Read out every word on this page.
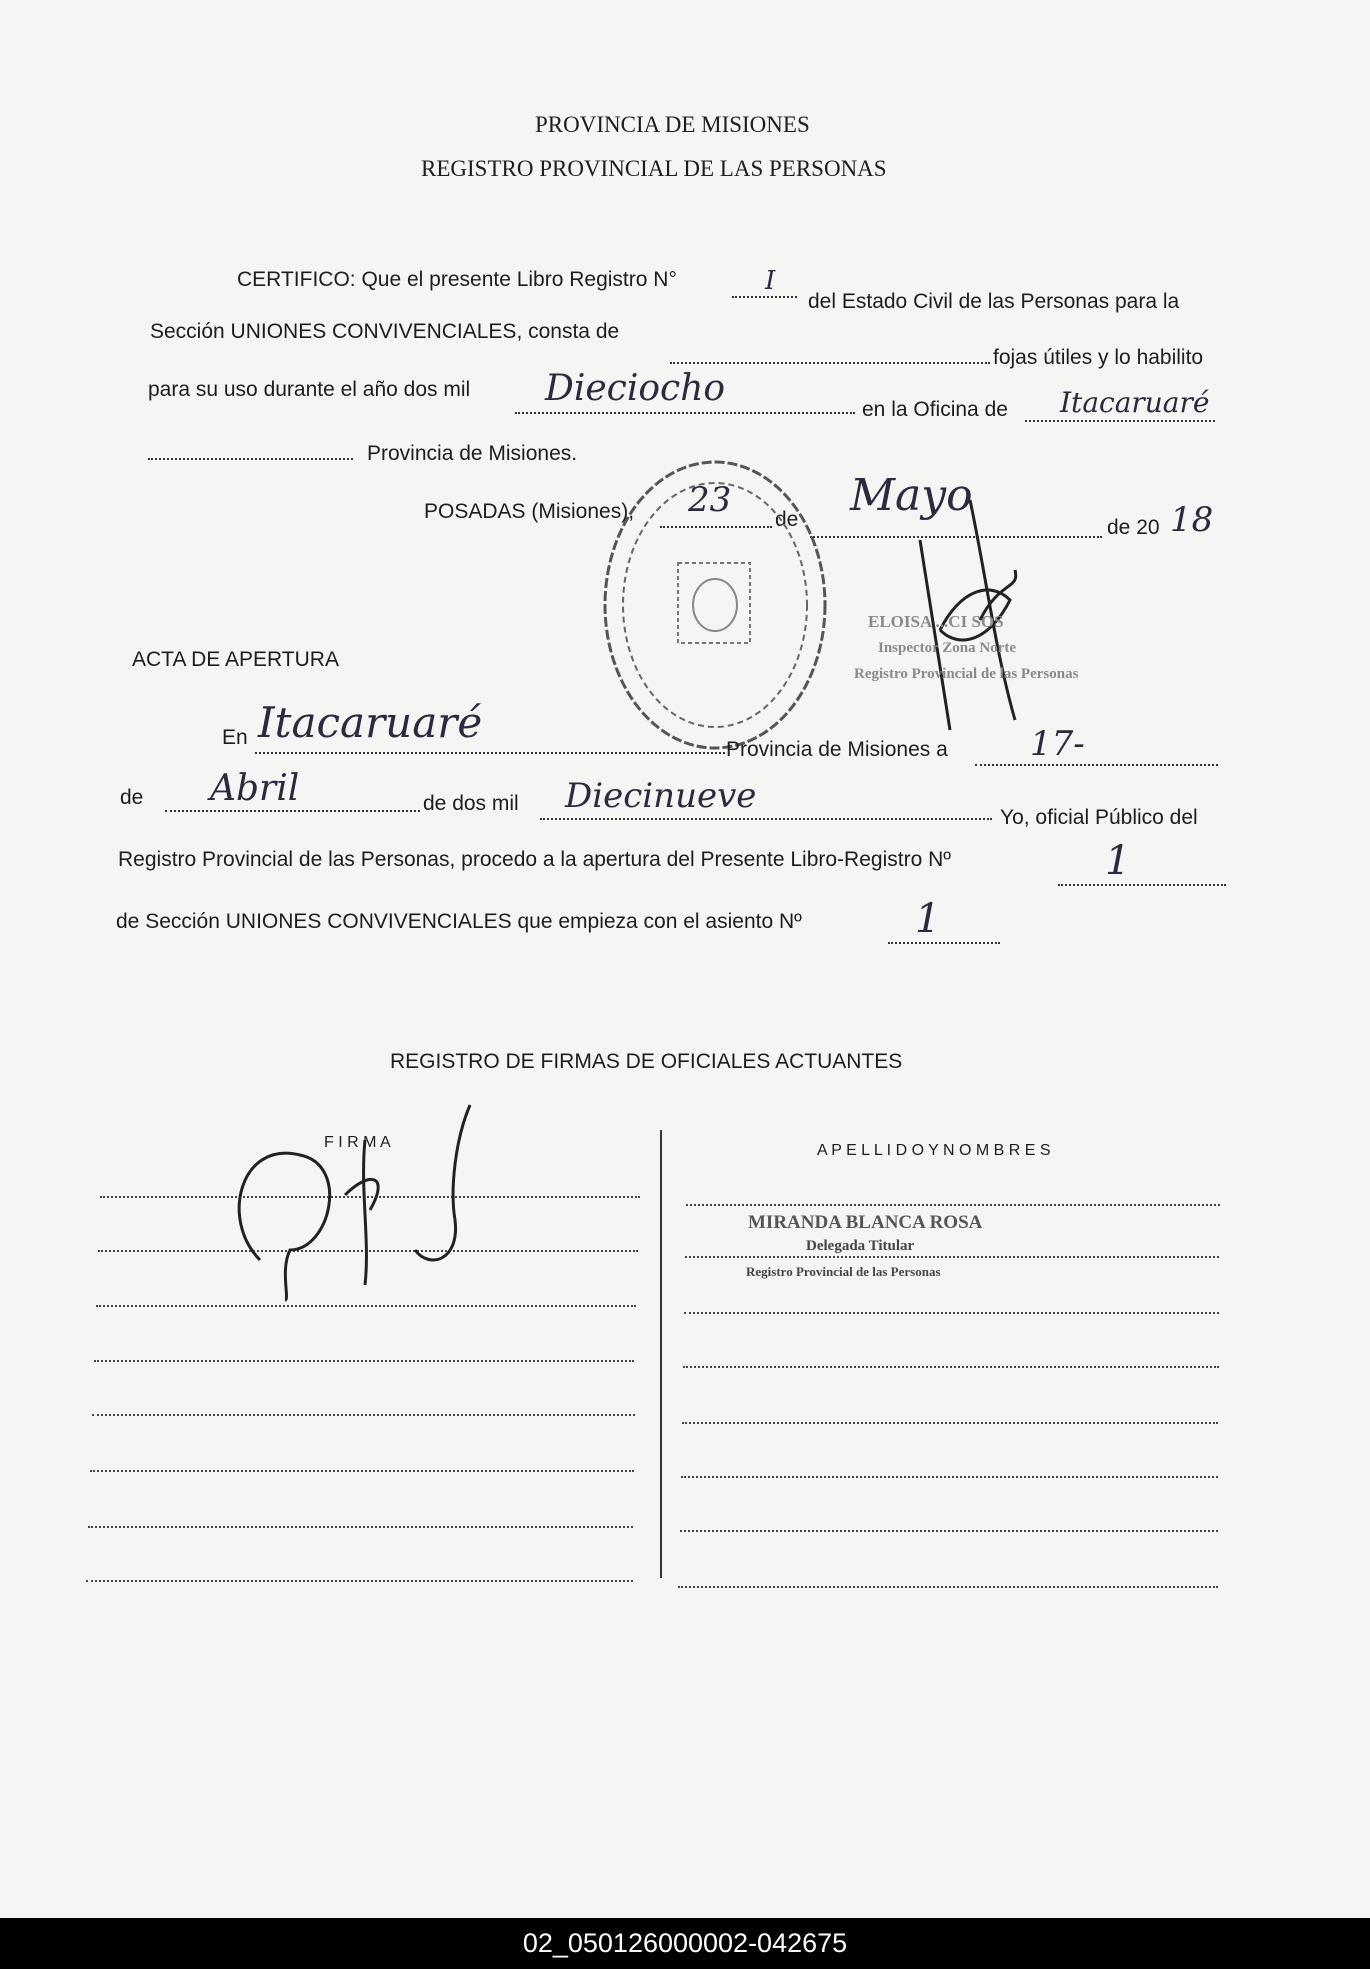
PROVINCIA DE MISIONES
REGISTRO PROVINCIAL DE LAS PERSONAS
CERTIFICO: Que el presente Libro Registro N°	I
del Estado Civil de las Personas para la
Sección UNIONES CONVIVENCIALES, consta de
fojas útiles y lo habilito
para su uso durante el año dos mil Dieciocho
en la Oficina de Itacaruaré
Provincia de Misiones.
POSADAS (Misiones), 23 de Mayo
de 20 18
ELOISA ...CI SOS
Inspector Zona Norte
Registro Provincial de las Personas
ACTA DE APERTURA
En Itacaruaré
Provincia de Misiones a 17-
de Abril	de dos mil Diecinueve
Yo, oficial Público del
Registro Provincial de las Personas, procedo a la apertura del Presente Libro-Registro Nº	1
de Sección UNIONES CONVIVENCIALES que empieza con el asiento Nº	1
REGISTRO DE FIRMAS DE OFICIALES ACTUANTES
F I R M A	A P E L L I D O Y N O M B R E S
MIRANDA BLANCA ROSA
Delegada Titular
Registro Provincial de las Personas
02_050126000002-042675
